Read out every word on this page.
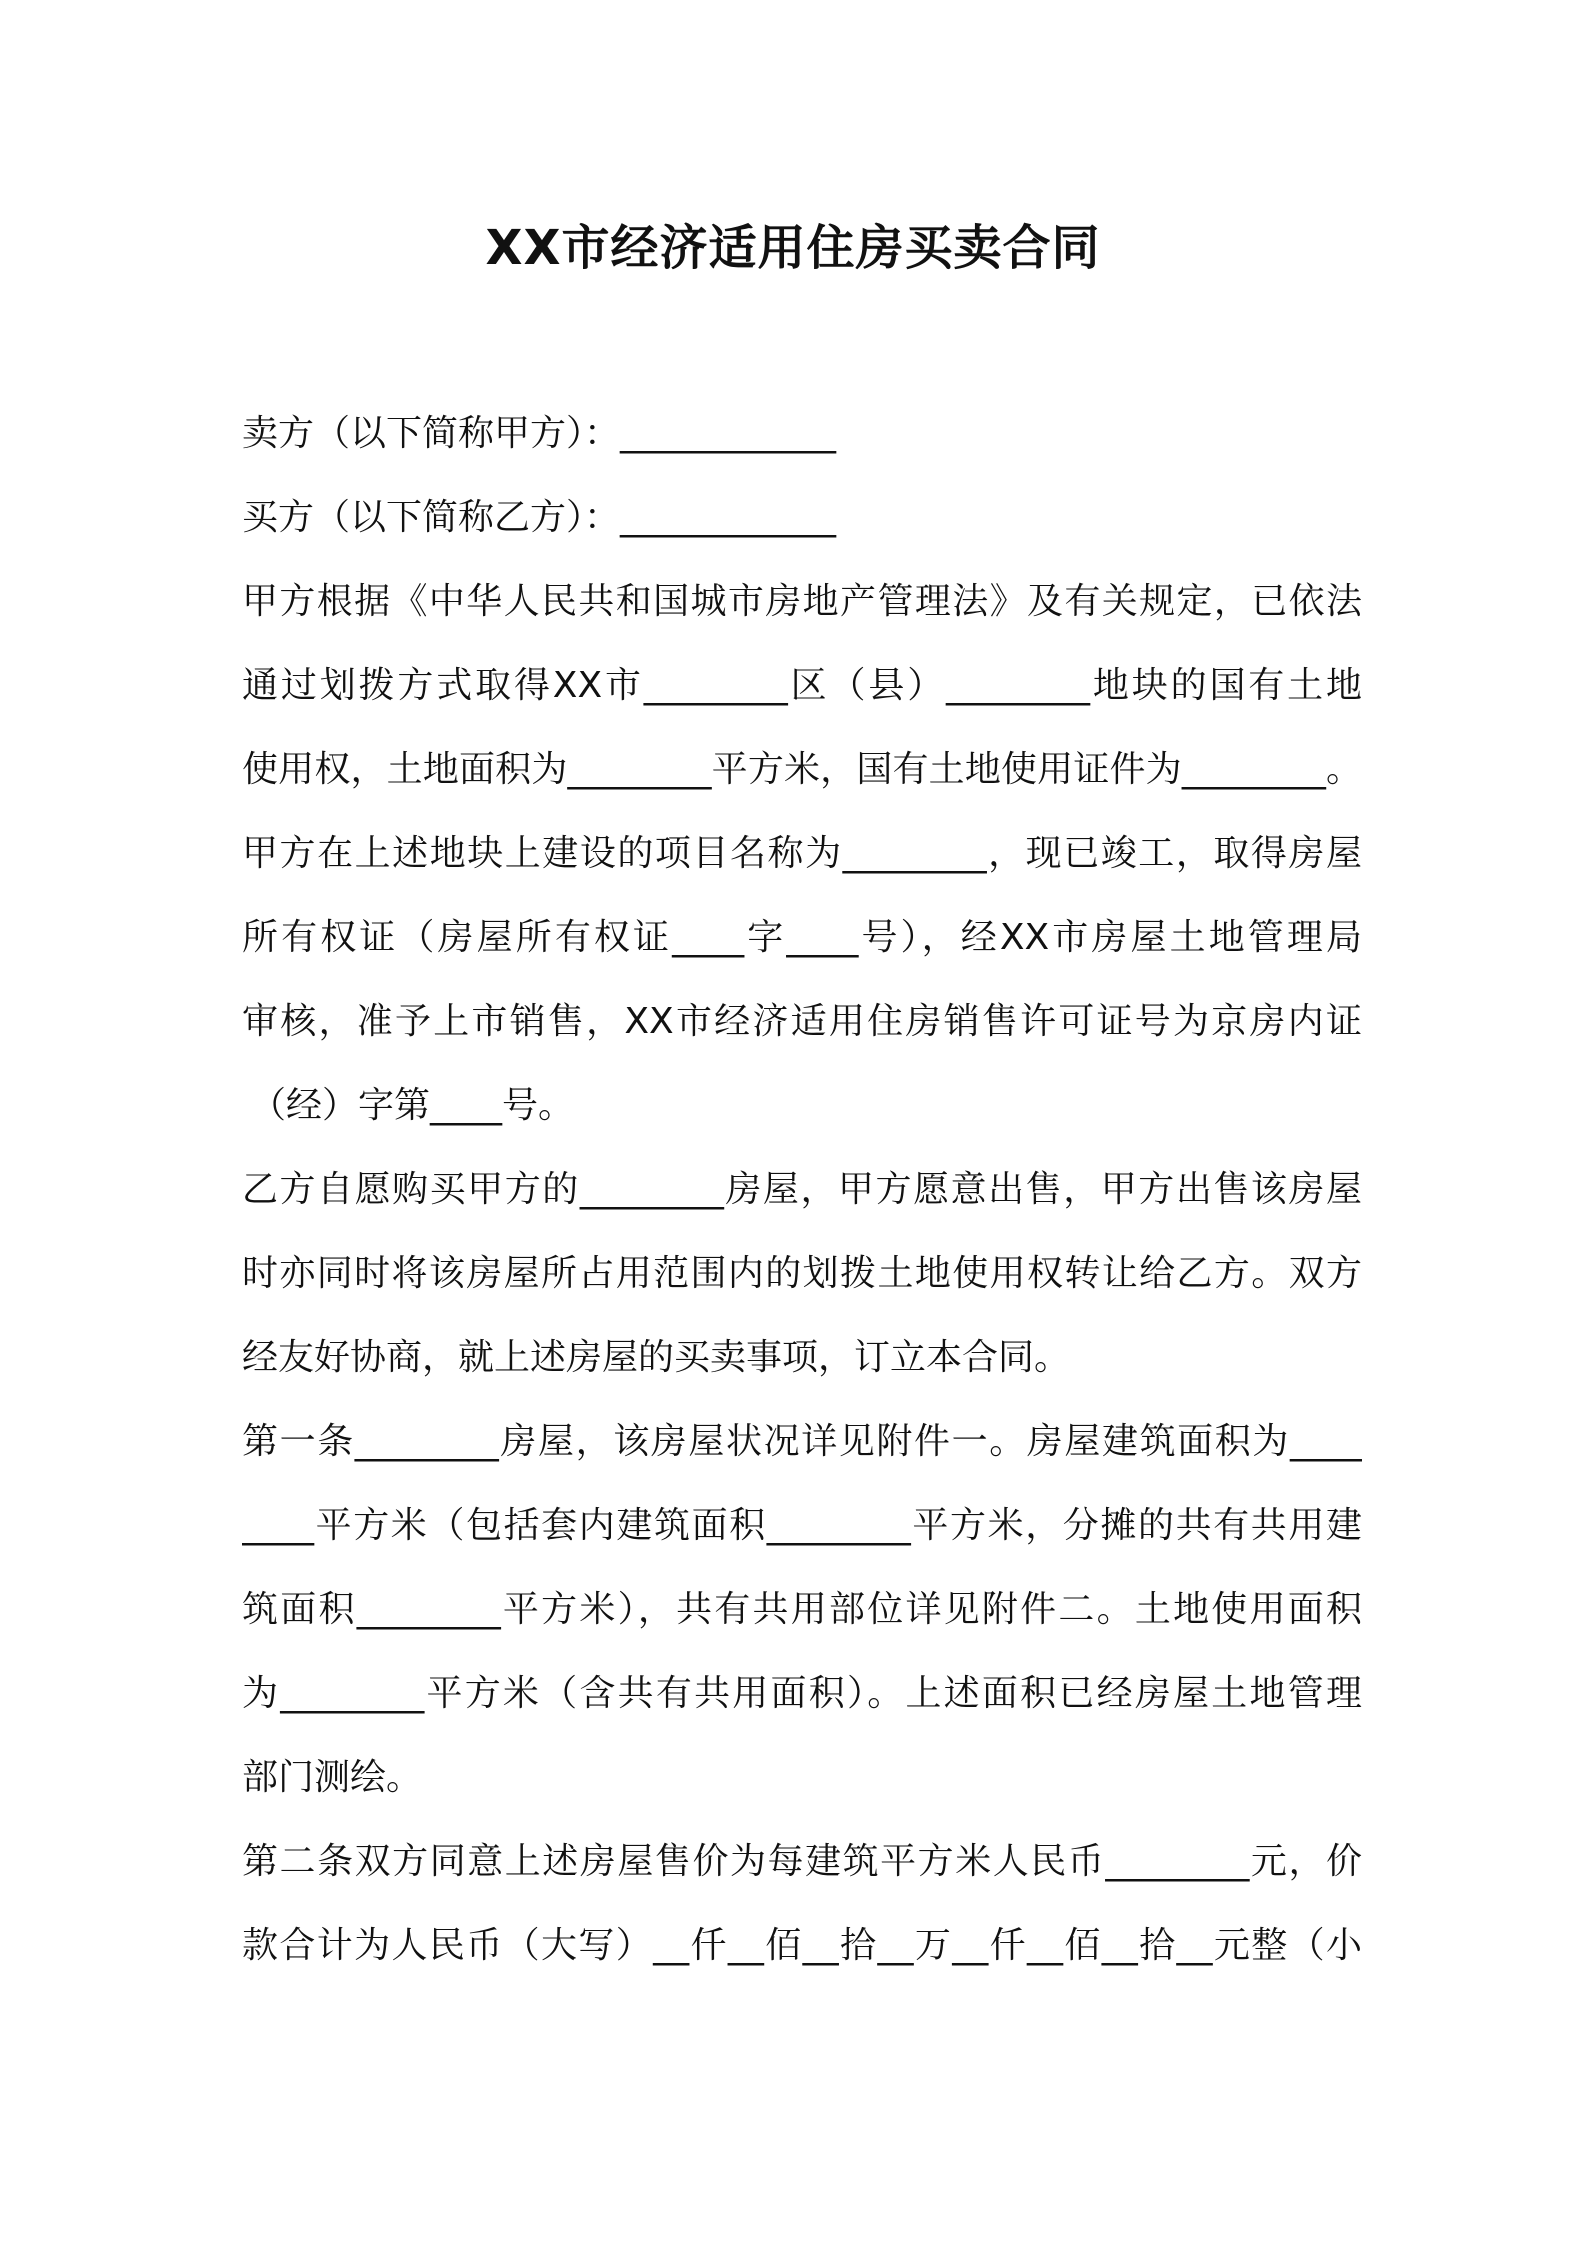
XX市经济适用住房买卖合同
卖方（以下简称甲方）：____________
买方（以下简称乙方）：____________
甲方根据《中华人民共和国城市房地产管理法》及有关规定，已依法
通过划拨方式取得XX市________区（县）________地块的国有土地
使用权，土地面积为________平方米，国有土地使用证件为________。
甲方在上述地块上建设的项目名称为________，现已竣工，取得房屋
所有权证（房屋所有权证____字____号），经XX市房屋土地管理局
审核，准予上市销售，XX市经济适用住房销售许可证号为京房内证
（经）字第____号。
乙方自愿购买甲方的________房屋，甲方愿意出售，甲方出售该房屋
时亦同时将该房屋所占用范围内的划拨土地使用权转让给乙方。双方
经友好协商，就上述房屋的买卖事项，订立本合同。
第一条________房屋，该房屋状况详见附件一。房屋建筑面积为____
____平方米（包括套内建筑面积________平方米，分摊的共有共用建
筑面积________平方米），共有共用部位详见附件二。土地使用面积
为________平方米（含共有共用面积）。上述面积已经房屋土地管理
部门测绘。
第二条双方同意上述房屋售价为每建筑平方米人民币________元，价
款合计为人民币（大写）__仟__佰__拾__万__仟__佰__拾__元整（小
